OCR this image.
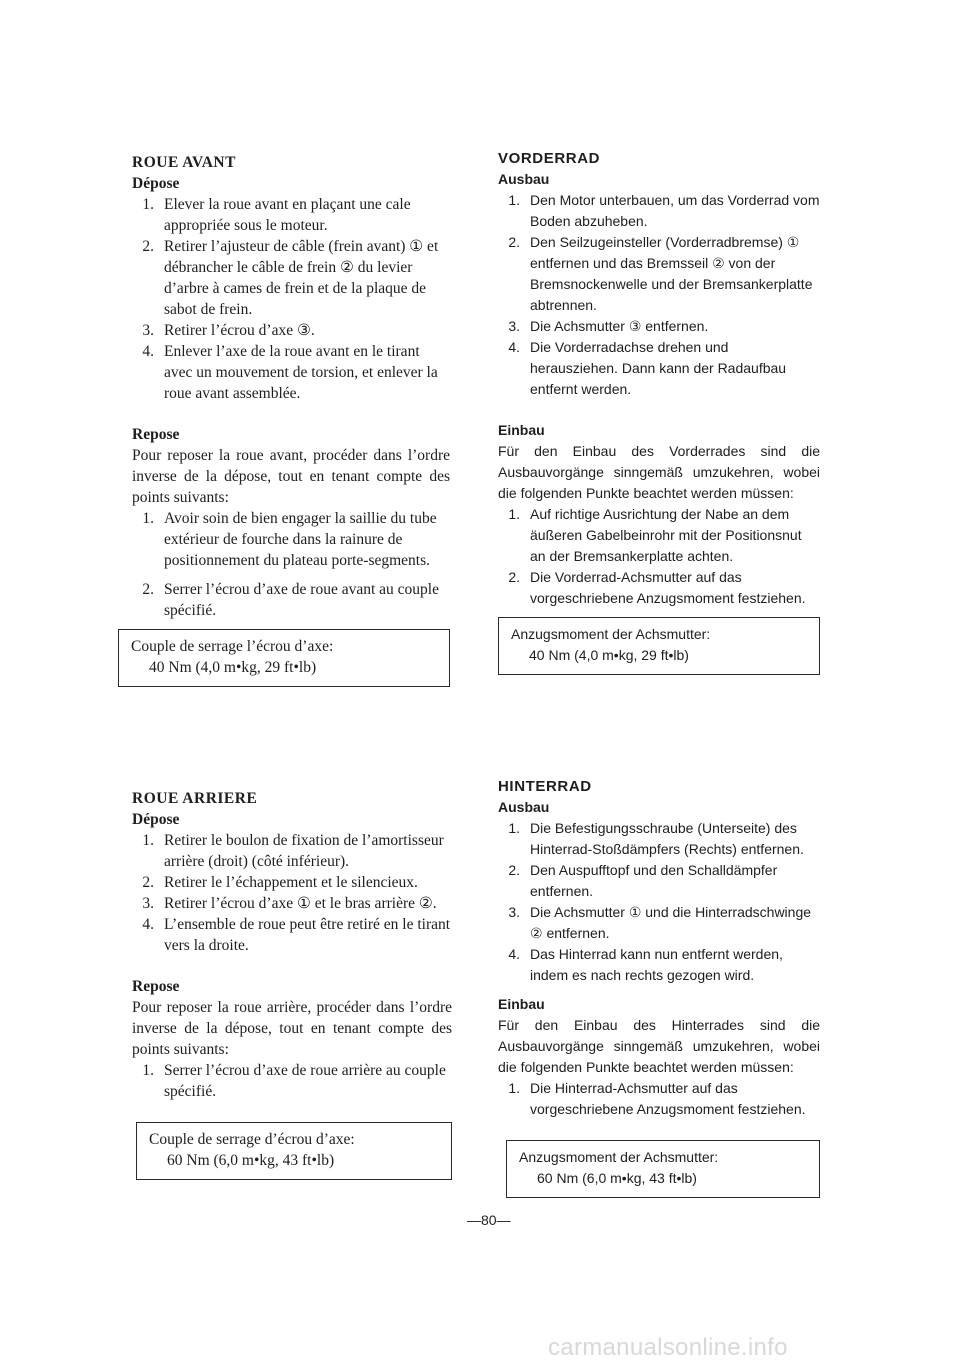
ROUE AVANT
Dépose
1. Elever la roue avant en plaçant une cale appropriée sous le moteur.
2. Retirer l’ajusteur de câble (frein avant) ① et débrancher le câble de frein ② du levier d’arbre à cames de frein et de la plaque de sabot de frein.
3. Retirer l’écrou d’axe ③.
4. Enlever l’axe de la roue avant en le tirant avec un mouvement de torsion, et enlever la roue avant assemblée.
Repose

Pour reposer la roue avant, procéder dans l’ordre inverse de la dépose, tout en tenant compte des points suivants:

1. Avoir soin de bien engager la saillie du tube extérieur de fourche dans la rainure de positionnement du plateau porte-segments.
2. Serrer l’écrou d’axe de roue avant au couple spécifié.
Couple de serrage l’écrou d’axe:
40 Nm (4,0 m•kg, 29 ft•lb)
VORDERRAD
Ausbau
1. Den Motor unterbauen, um das Vorderrad vom Boden abzuheben.
2. Den Seilzugeinsteller (Vorderradbremse) ① entfernen und das Bremsseil ② von der Bremsnockenwelle und der Bremsankerplatte abtrennen.
3. Die Achsmutter ③ entfernen.
4. Die Vorderradachse drehen und herausziehen. Dann kann der Radaufbau entfernt werden.
Einbau

Für den Einbau des Vorderrades sind die Ausbauvorgänge sinngemäß umzukehren, wobei die folgenden Punkte beachtet werden müssen:

1. Auf richtige Ausrichtung der Nabe an dem äußeren Gabelbeinrohr mit der Positionsnut an der Bremsankerplatte achten.
2. Die Vorderrad-Achsmutter auf das vorgeschriebene Anzugsmoment festziehen.
Anzugsmoment der Achsmutter:
40 Nm (4,0 m•kg, 29 ft•lb)
ROUE ARRIERE
Dépose
1. Retirer le boulon de fixation de l’amortisseur arrière (droit) (côté inférieur).
2. Retirer le l’échappement et le silencieux.
3. Retirer l’écrou d’axe ① et le bras arrière ②.
4. L’ensemble de roue peut être retiré en le tirant vers la droite.
Repose

Pour reposer la roue arrière, procéder dans l’ordre inverse de la dépose, tout en tenant compte des points suivants:

1. Serrer l’écrou d’axe de roue arrière au couple spécifié.
Couple de serrage d’écrou d’axe:
60 Nm (6,0 m•kg, 43 ft•lb)
HINTERRAD
Ausbau
1. Die Befestigungsschraube (Unterseite) des Hinterrad-Stoßdämpfers (Rechts) entfernen.
2. Den Auspufftopf und den Schalldämpfer entfernen.
3. Die Achsmutter ① und die Hinterradschwinge ② entfernen.
4. Das Hinterrad kann nun entfernt werden, indem es nach rechts gezogen wird.
Einbau

Für den Einbau des Hinterrades sind die Ausbauvorgänge sinngemäß umzukehren, wobei die folgenden Punkte beachtet werden müssen:

1. Die Hinterrad-Achsmutter auf das vorgeschriebene Anzugsmoment festziehen.
Anzugsmoment der Achsmutter:
60 Nm (6,0 m•kg, 43 ft•lb)
—80—
carmanualsonline.info
